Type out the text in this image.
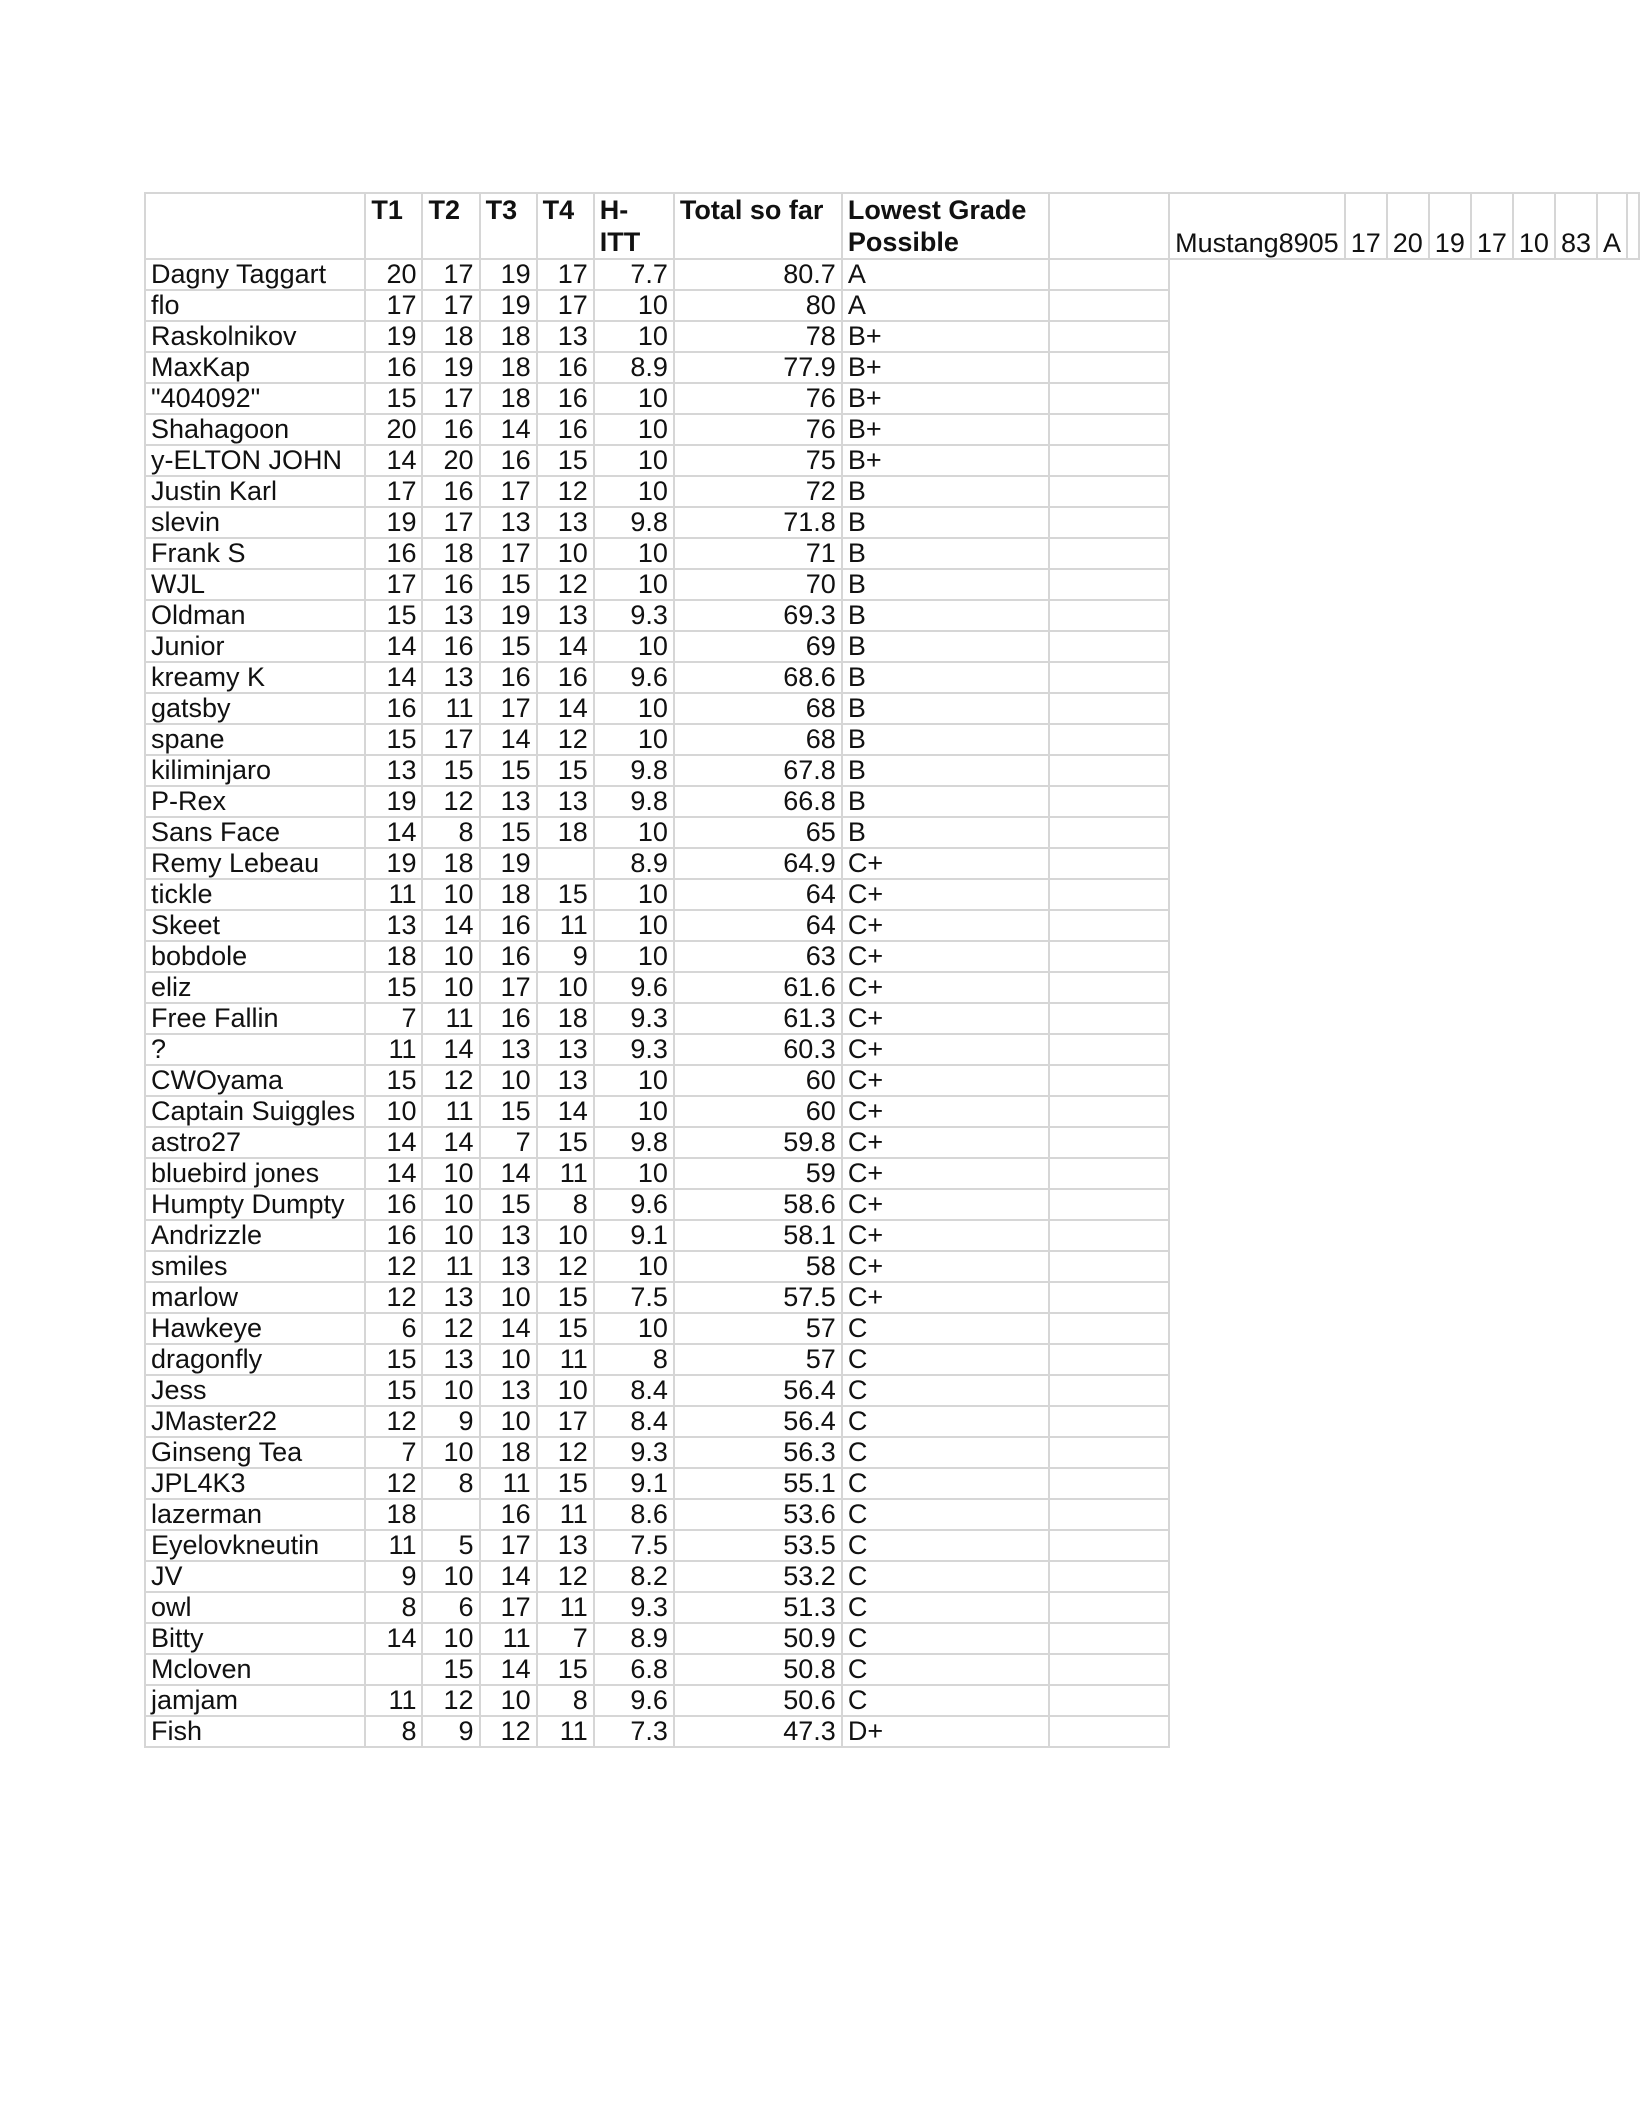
	T1	T2	T3	T4	H-ITT	Total so far	Lowest Grade Possible										
									Mustang8905	17	20	19	17	10	83	A	
Dagny Taggart	20	17	19	17	7.7	80.7	A										
flo	17	17	19	17	10	80	A										
Raskolnikov	19	18	18	13	10	78	B+										
MaxKap	16	19	18	16	8.9	77.9	B+										
"404092"	15	17	18	16	10	76	B+										
Shahagoon	20	16	14	16	10	76	B+										
y-ELTON JOHN	14	20	16	15	10	75	B+										
Justin Karl	17	16	17	12	10	72	B										
slevin	19	17	13	13	9.8	71.8	B										
Frank S	16	18	17	10	10	71	B										
WJL	17	16	15	12	10	70	B										
Oldman	15	13	19	13	9.3	69.3	B										
Junior	14	16	15	14	10	69	B										
kreamy K	14	13	16	16	9.6	68.6	B										
gatsby	16	11	17	14	10	68	B										
spane	15	17	14	12	10	68	B										
kiliminjaro	13	15	15	15	9.8	67.8	B										
P-Rex	19	12	13	13	9.8	66.8	B										
Sans Face	14	8	15	18	10	65	B										
Remy Lebeau	19	18	19		8.9	64.9	C+										
tickle	11	10	18	15	10	64	C+										
Skeet	13	14	16	11	10	64	C+										
bobdole	18	10	16	9	10	63	C+										
eliz	15	10	17	10	9.6	61.6	C+										
Free Fallin	7	11	16	18	9.3	61.3	C+										
?	11	14	13	13	9.3	60.3	C+										
CWOyama	15	12	10	13	10	60	C+										
Captain Suiggles	10	11	15	14	10	60	C+										
astro27	14	14	7	15	9.8	59.8	C+										
bluebird jones	14	10	14	11	10	59	C+										
Humpty Dumpty	16	10	15	8	9.6	58.6	C+										
Andrizzle	16	10	13	10	9.1	58.1	C+										
smiles	12	11	13	12	10	58	C+										
marlow	12	13	10	15	7.5	57.5	C+										
Hawkeye	6	12	14	15	10	57	C										
dragonfly	15	13	10	11	8	57	C										
Jess	15	10	13	10	8.4	56.4	C										
JMaster22	12	9	10	17	8.4	56.4	C										
Ginseng Tea	7	10	18	12	9.3	56.3	C										
JPL4K3	12	8	11	15	9.1	55.1	C										
lazerman	18		16	11	8.6	53.6	C										
Eyelovkneutin	11	5	17	13	7.5	53.5	C										
JV	9	10	14	12	8.2	53.2	C										
owl	8	6	17	11	9.3	51.3	C										
Bitty	14	10	11	7	8.9	50.9	C										
Mcloven		15	14	15	6.8	50.8	C										
jamjam	11	12	10	8	9.6	50.6	C										
Fish	8	9	12	11	7.3	47.3	D+										
